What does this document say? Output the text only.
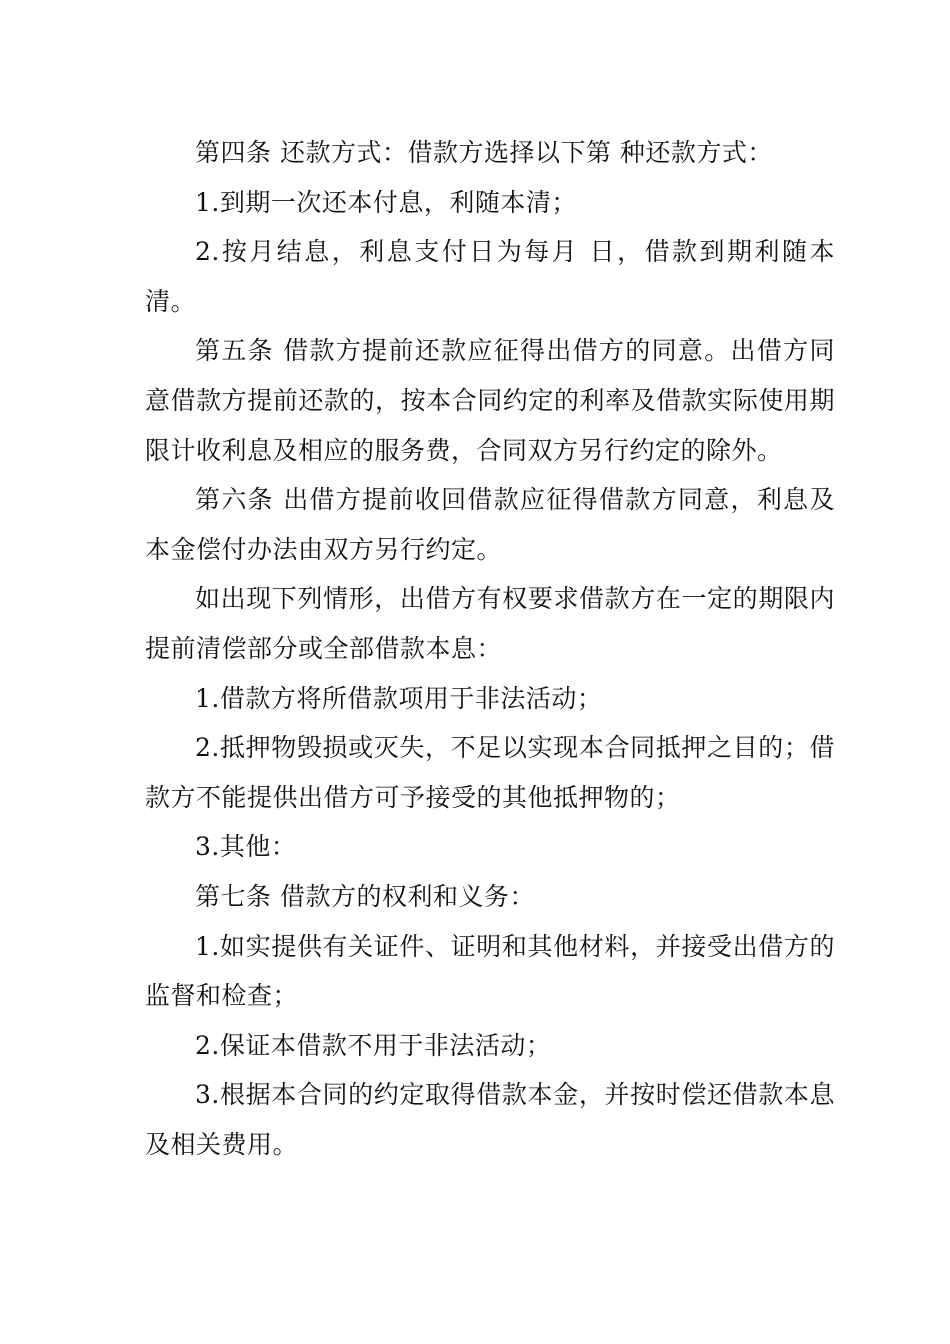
第四条 还款方式：借款方选择以下第 种还款方式：

1.到期一次还本付息，利随本清；

2.按月结息，利息支付日为每月 日，借款到期利随本清。

第五条 借款方提前还款应征得出借方的同意。出借方同意借款方提前还款的，按本合同约定的利率及借款实际使用期限计收利息及相应的服务费，合同双方另行约定的除外。

第六条 出借方提前收回借款应征得借款方同意，利息及本金偿付办法由双方另行约定。

如出现下列情形，出借方有权要求借款方在一定的期限内提前清偿部分或全部借款本息：

1.借款方将所借款项用于非法活动；

2.抵押物毁损或灭失，不足以实现本合同抵押之目的；借款方不能提供出借方可予接受的其他抵押物的；

3.其他：

第七条 借款方的权利和义务：

1.如实提供有关证件、证明和其他材料，并接受出借方的监督和检查；

2.保证本借款不用于非法活动；

3.根据本合同的约定取得借款本金，并按时偿还借款本息及相关费用。
